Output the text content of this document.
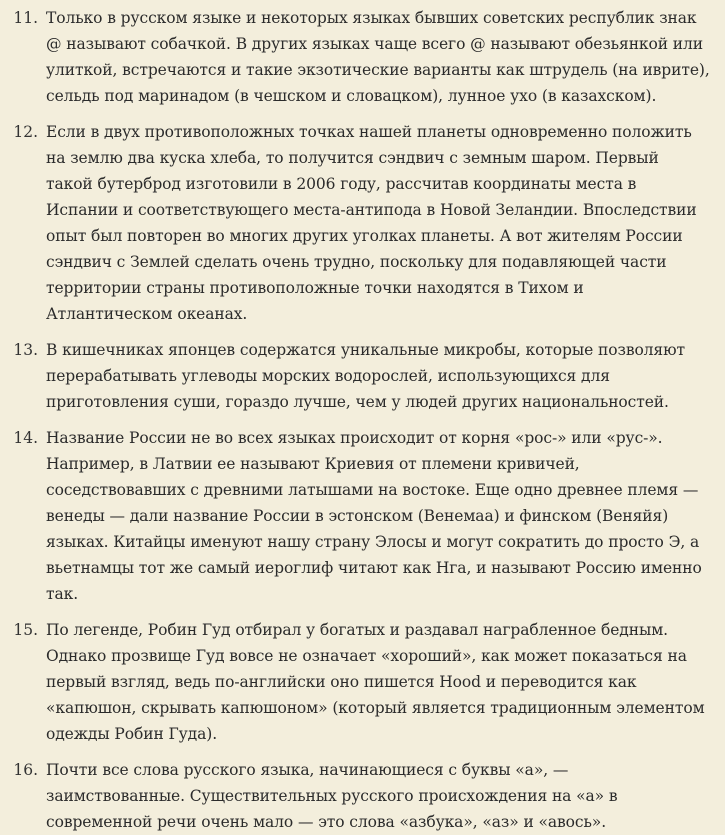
11. Только в русском языке и некоторых языках бывших советских республик знак @ называют собачкой. В других языках чаще всего @ называют обезьянкой или улиткой, встречаются и такие экзотические варианты как штрудель (на иврите), сельдь под маринадом (в чешском и словацком), лунное ухо (в казахском).
12. Если в двух противоположных точках нашей планеты одновременно положить на землю два куска хлеба, то получится сэндвич с земным шаром. Первый такой бутерброд изготовили в 2006 году, рассчитав координаты места в Испании и соответствующего места-антипода в Новой Зеландии. Впоследствии опыт был повторен во многих других уголках планеты. А вот жителям России сэндвич с Землей сделать очень трудно, поскольку для подавляющей части территории страны противоположные точки находятся в Тихом и Атлантическом океанах.
13. В кишечниках японцев содержатся уникальные микробы, которые позволяют перерабатывать углеводы морских водорослей, использующихся для приготовления суши, гораздо лучше, чем у людей других национальностей.
14. Название России не во всех языках происходит от корня «рос-» или «рус-». Например, в Латвии ее называют Криевия от племени кривичей, соседствовавших с древними латышами на востоке. Еще одно древнее племя — венеды — дали название России в эстонском (Венемаа) и финском (Веняйя) языках. Китайцы именуют нашу страну Элосы и могут сократить до просто Э, а вьетнамцы тот же самый иероглиф читают как Нга, и называют Россию именно так.
15. По легенде, Робин Гуд отбирал у богатых и раздавал награбленное бедным. Однако прозвище Гуд вовсе не означает «хороший», как может показаться на первый взгляд, ведь по-английски оно пишется Hood и переводится как «капюшон, скрывать капюшоном» (который является традиционным элементом одежды Робин Гуда).
16. Почти все слова русского языка, начинающиеся с буквы «а», — заимствованные. Существительных русского происхождения на «а» в современной речи очень мало — это слова «азбука», «аз» и «авось».
